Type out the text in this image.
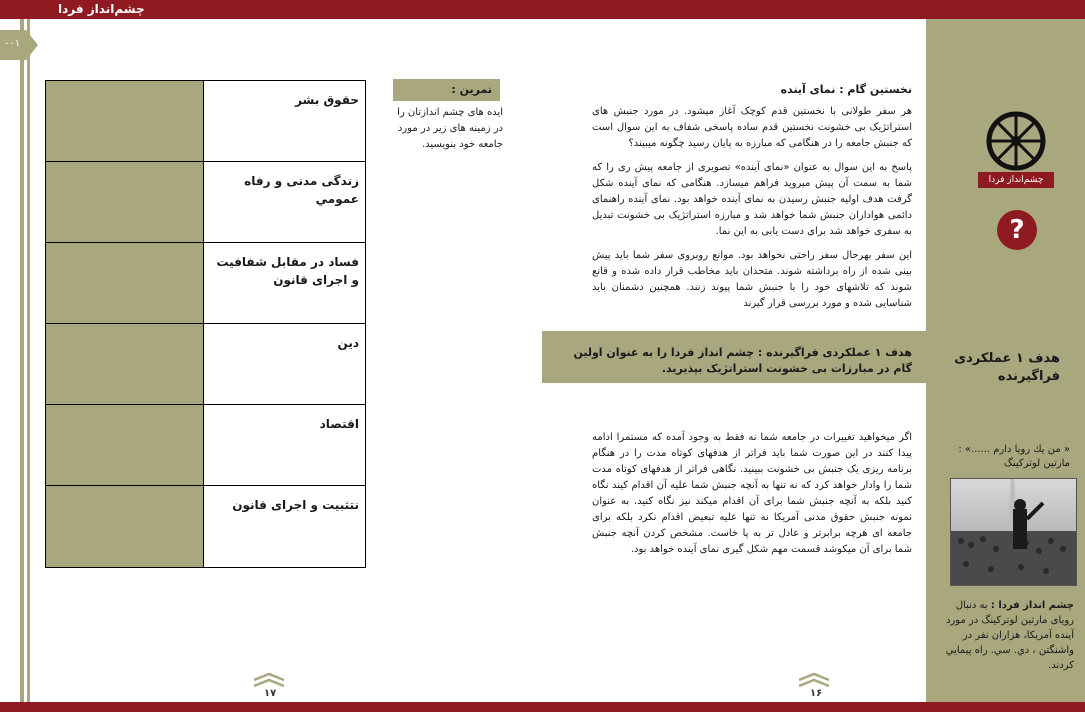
چشم‌انداز فردا
۰۰۱
چشم‌انداز فردا
?
هدف ۱ عملکردی فراگیرنده
« من یك رویا دارم ......» : مارتین لوترکینگ
چشم انداز فردا : به دنبال رویای مارتین لوترکینگ در مورد آینده آمریکا، هزاران نفر در واشنگتن ، دي. سي. راه پيمايي كردند.
نخستین گام : نمای آینده

هر سفر طولانی با نخستین قدم کوچک آغاز میشود. در مورد جنبش های استراتژیک بی خشونت نخستین قدم ساده پاسخی شفاف به این سوال است که جنبش جامعه را در هنگامی که مبارزه به پایان رسید چگونه میبیند؟

پاسخ به این سوال به عنوان «نمای آینده» تصویری از جامعه پیش ری را که شما به سمت آن پیش میروید فراهم میسازد. هنگامی که نمای آینده شکل گرفت هدف اولیه جنبش رسیدن به نمای آینده خواهد بود. نمای آینده راهنمای دائمی هواداران جنبش شما خواهد شد و مبارزه استراتژیک بی خشونت تبدیل به سفری خواهد شد برای دست یابی به این نما.

این سفر بهرحال سفر راحتی نخواهد بود. موانع روبروی سفر شما باید پیش بینی شده از راه برداشته شوند. متحدان باید مخاطب قرار داده شده و قانع شوند که تلاشهای خود را با جنبش شما پیوند زنند. همچنین دشمنان باید شناسایی شده و مورد بررسی قرار گیرند

هدف ۱ عملکردی فراگیرنده : چشم انداز فردا را به عنوان اولین گام در مبارزات بی خشونت استراتژیک بپذیرید.

اگر میخواهید تغییرات در جامعه شما نه فقط به وجود آمده که مستمرا ادامه پیدا کنند در این صورت شما باید فراتر از هدفهای کوتاه مدت را در هنگام برنامه ریزی یک جنبش بی خشونت ببینید. نگاهی فراتر از هدفهای کوتاه مدت شما را وادار خواهد کرد که نه تنها به آنچه جنبش شما علیه آن اقدام کیند نگاه کنید بلکه به آنچه جنبش شما برای آن اقدام میکند نیز نگاه کنید. به عنوان نمونه جنبش حقوق مدنی آمریکا نه تنها علیه تبعیض اقدام نکرد بلکه برای جامعه ای هرچه برابرتر و عادل تر به پا خاست. مشخص کردن آنچه جنبش شما برای آن میکوشد قسمت مهم شکل گیری نمای آینده خواهد بود.

تمرين :
ایده های چشم اندازتان را در زمینه های زیر در مورد جامعه خود بنویسید.
حقوق بشر
زندگی مدنی و رفاه عمومي
فساد در مقابل شفافیت و اجرای قانون
دین
اقتصاد
نتثبیت و اجرای قانون
۱۷	۱۶
